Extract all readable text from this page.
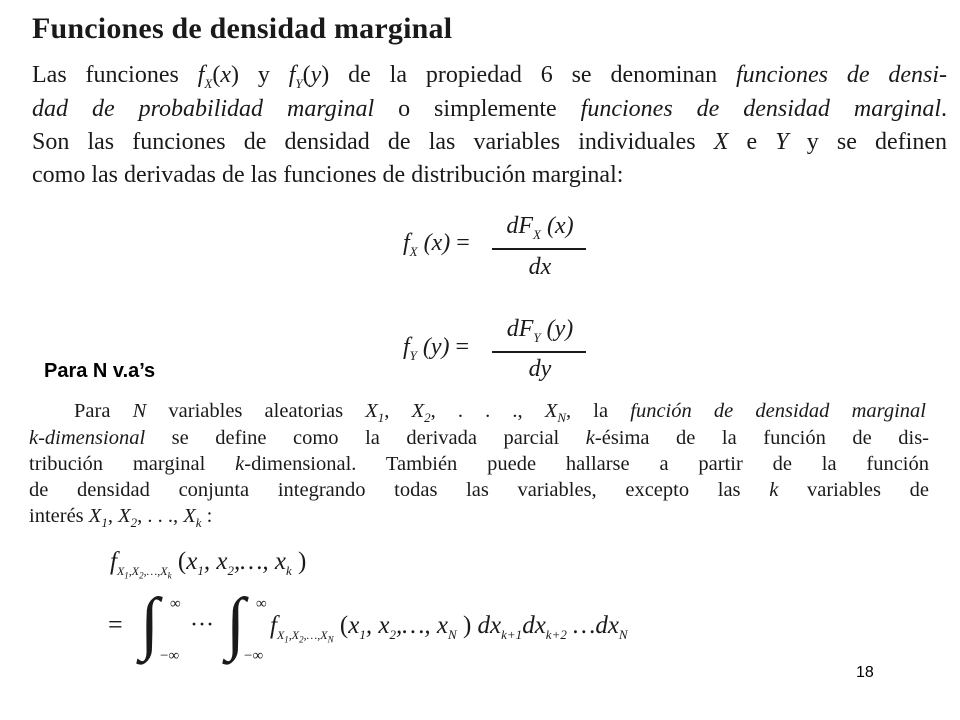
Funciones de densidad marginal
Las funciones $f_X(x)$ y $f_Y(y)$ de la propiedad 6 se denominan funciones de densi-
dad de probabilidad marginal o simplemente funciones de densidad marginal.
Son las funciones de densidad de las variables individuales X e Y y se definen
como las derivadas de las funciones de distribución marginal:
$f_X$ (x) =
$dF_X$ (x)
dx
$f_Y$ (y) =
$dF_Y$ (y)
dy
Para N v.a’s
Para N variables aleatorias $X_1$, $X_2$, . . ., $X_N$, la función de densidad marginal
k-dimensional se define como la derivada parcial k-ésima de la función de dis-
tribución marginal k-dimensional. También puede hallarse a partir de la función
de densidad conjunta integrando todas las variables, excepto las k variables de
interés $X_1$, $X_2$, . . ., $X_k$ :
$f_{X_1,X_2,\dots,X_k}$ ($x_1$, $x_2,\dots$, $x_k$ )
= ∫ ∞
−∞
··· ∫ ∞
−∞
$f_{X_1,X_2,\dots,X_N}$ ($x_1$, $x_2,\dots$, $x_N$ ) $dx_{k+1}dx_{k+2}$ $\dots dx_N$
18
